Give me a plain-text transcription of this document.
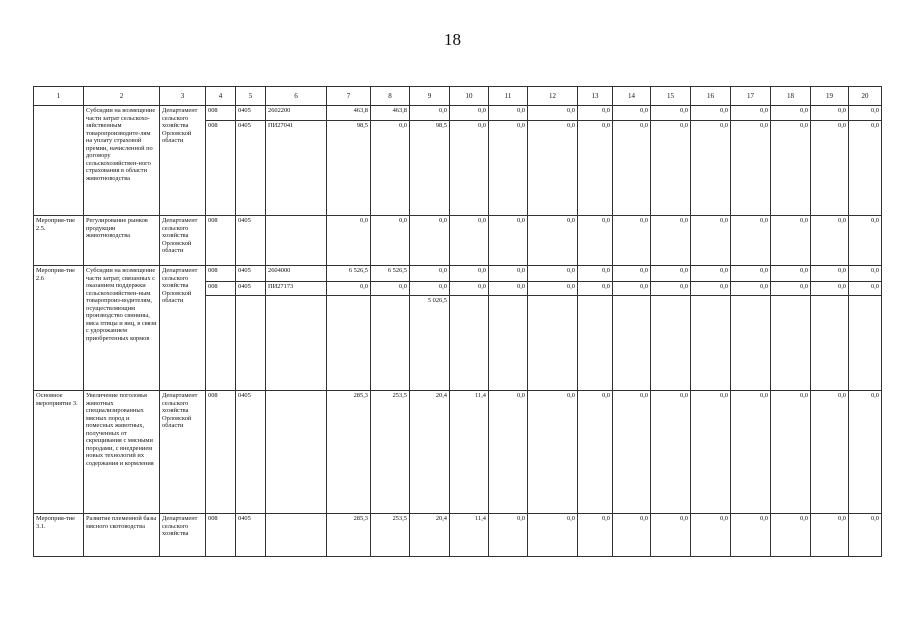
18
1	2	3	4	5	6	7	8	9	10	11	12	13	14	15	16	17	18	19	20
	Субсидии на возмещение части затрат сельскохо-зяйственным товаропроизводите-лям на уплату страховой премии, начисленной по договору сельскохозяйствен-ного страхования в области животноводства	Департамент сельского хозяйства Орловской области	008	0405	2602200	463,8	463,8	0,0	0,0	0,0	0,0	0,0	0,0	0,0	0,0	0,0	0,0	0,0	0,0
			008	0405	ПИ27041	98,5	0,0	98,5	0,0	0,0	0,0	0,0	0,0	0,0	0,0	0,0	0,0	0,0	0,0
Мероприя-тие 2.5.	Регулирование рынков продукции животноводства	Департамент сельского хозяйства Орловской области	008	0405		0,0	0,0	0,0	0,0	0,0	0,0	0,0	0,0	0,0	0,0	0,0	0,0	0,0	0,0
Мероприя-тие 2.6	Субсидии на возмещение части затрат, связанных с оказанием поддержки сельскохозяйствен-ным товаропроиз-водителям, осуществляющим производство свинины, мяса птицы и яиц, в связи с удорожанием приобретенных кормов	Департамент сельского хозяйства Орловской области	008	0405	2604000	6 526,5	6 526,5	0,0	0,0	0,0	0,0	0,0	0,0	0,0	0,0	0,0	0,0	0,0	0,0
			008	0405	ПИ27173	0,0	0,0	0,0	0,0	0,0	0,0	0,0	0,0	0,0	0,0	0,0	0,0	0,0	0,0
								5 026,5											
Основное мероприятие 3.	Увеличение поголовья животных специализированных мясных пород и помесных животных, полученных от скрещивания с мясными породами, с внедрением новых технологий их содержания и кормления	Департамент сельского хозяйства Орловской области	008	0405		285,3	253,5	20,4	11,4	0,0	0,0	0,0	0,0	0,0	0,0	0,0	0,0	0,0	0,0
Мероприя-тие 3.1.	Развитие племенной базы мясного скотоводства	Департамент сельского хозяйства	008	0405		285,3	253,5	20,4	11,4	0,0	0,0	0,0	0,0	0,0	0,0	0,0	0,0	0,0	0,0
